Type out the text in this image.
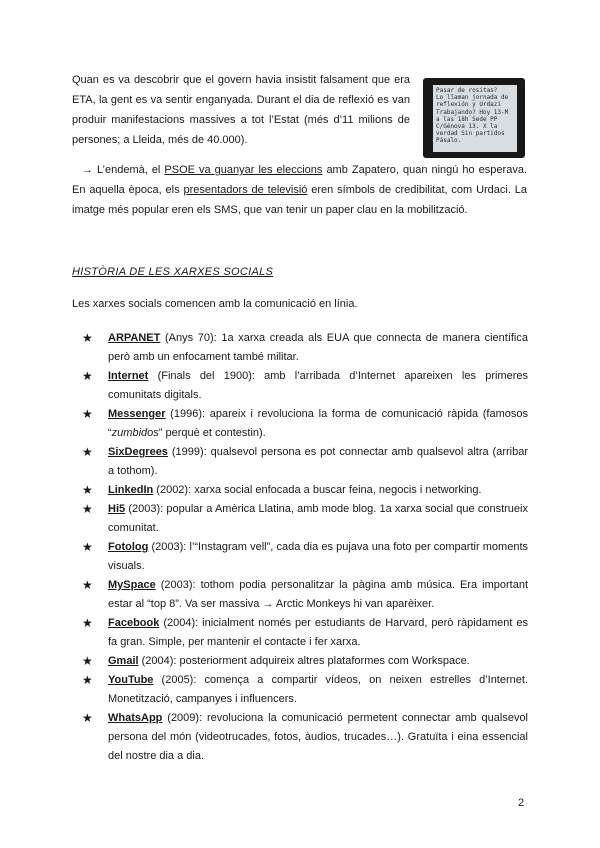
Quan es va descobrir que el govern havia insistit falsament que era ETA, la gent es va sentir enganyada. Durant el dia de reflexió es van produir manifestacions massives a tot l’Estat (més d’11 milions de persones; a Lleida, més de 40.000).
Pasar de rositas?
Lo llaman jornada de
reflexión y Urdazi
Trabajando? Hoy 13-M
a las 18h Sede PP
C/Génova 13. X la
verdad Sin partidos
Pásalo.
→ L’endemà, el PSOE va guanyar les eleccions amb Zapatero, quan ningú ho esperava. En aquella època, els presentadors de televisió eren símbols de credibilitat, com Urdaci. La imatge més popular eren els SMS, que van tenir un paper clau en la mobilització.
HISTÒRIA DE LES XARXES SOCIALS
Les xarxes socials comencen amb la comunicació en línia.
★ ARPANET (Anys 70): 1a xarxa creada als EUA que connecta de manera científica però amb un enfocament també militar.
★ Internet (Finals del 1900): amb l’arribada d’Internet apareixen les primeres comunitats digitals.
★ Messenger (1996): apareix i revoluciona la forma de comunicació ràpida (famosos “zumbidos” perquè et contestin).
★ SixDegrees (1999): qualsevol persona es pot connectar amb qualsevol altra (arribar a tothom).
★ LinkedIn (2002): xarxa social enfocada a buscar feina, negocis i networking.
★ Hi5 (2003): popular a Amèrica Llatina, amb mode blog. 1a xarxa social que construeix comunitat.
★ Fotolog (2003): l’“Instagram vell”, cada dia es pujava una foto per compartir moments visuals.
★ MySpace (2003): tothom podia personalitzar la pàgina amb música. Era important estar al “top 8”. Va ser massiva → Arctic Monkeys hi van aparèixer.
★ Facebook (2004): inicialment només per estudiants de Harvard, però ràpidament es fa gran. Simple, per mantenir el contacte i fer xarxa.
★ Gmail (2004): posteriorment adquireix altres plataformes com Workspace.
★ YouTube (2005): comença a compartir vídeos, on neixen estrelles d’Internet. Monetització, campanyes i influencers.
★ WhatsApp (2009): revoluciona la comunicació permetent connectar amb qualsevol persona del món (videotrucades, fotos, àudios, trucades…). Gratuïta i eina essencial del nostre dia a dia.
2
